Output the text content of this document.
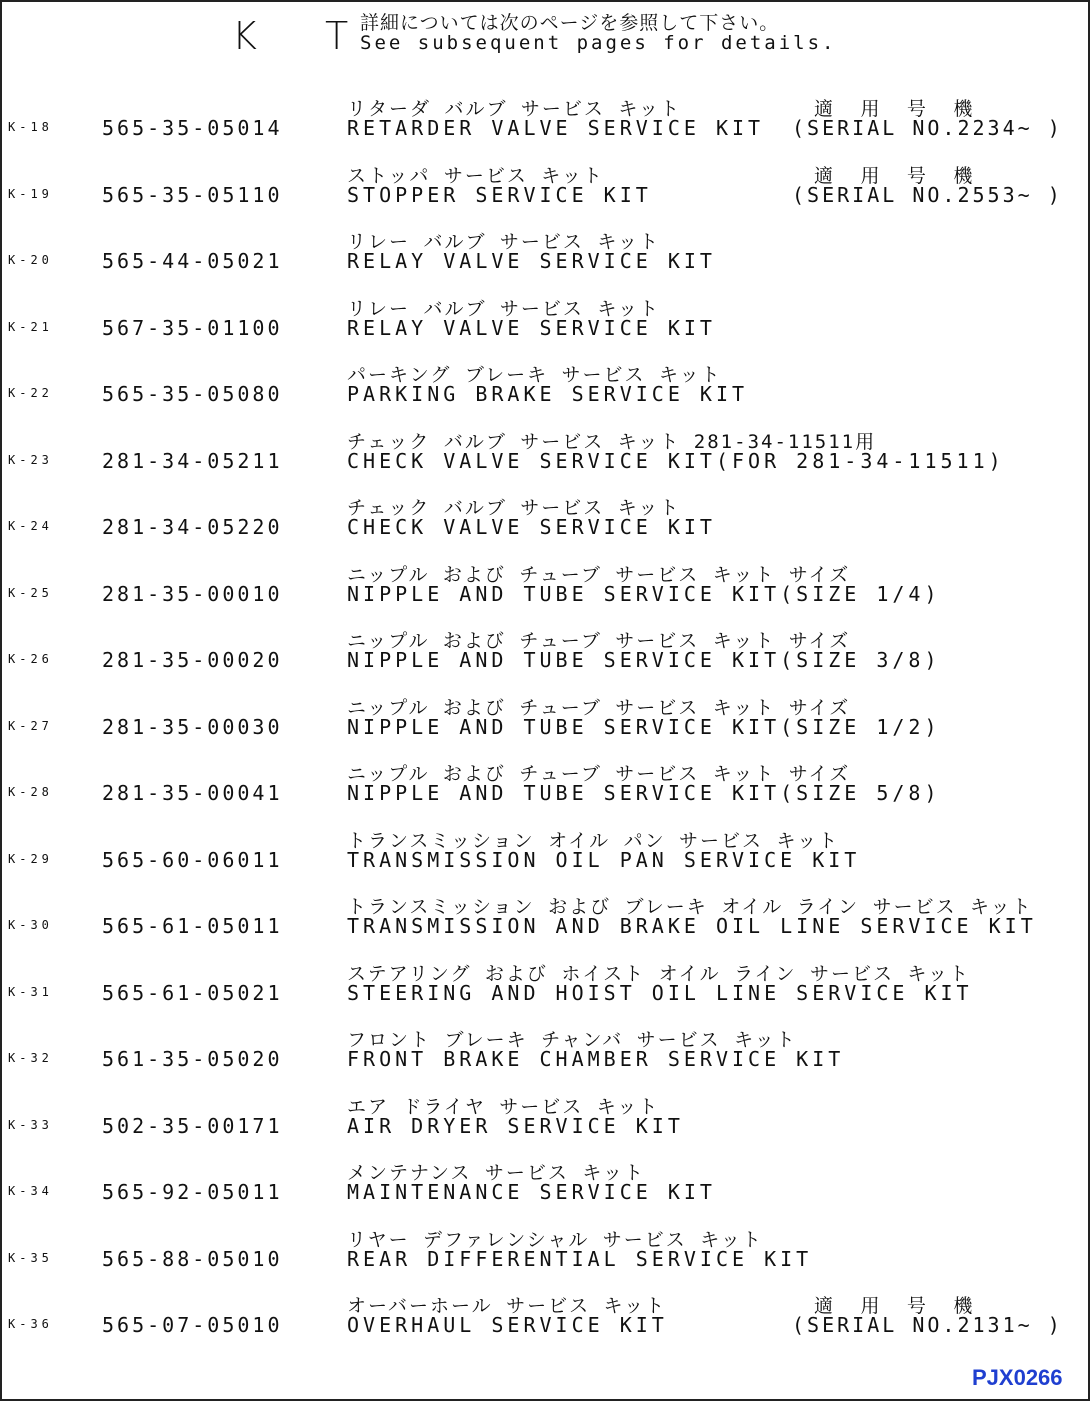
K T
詳細については次のページを参照して下さい。
See subsequent pages for details.
リターダ バルブ サービス キット
K-18 565-35-05014	RETARDER VALVE SERVICE KIT
適 用 号 機
(SERIAL NO.2234~ )
ストッパ サービス キット
K-19 565-35-05110	STOPPER SERVICE KIT
適 用 号 機
(SERIAL NO.2553~ )
リレー バルブ サービス キット
K-20 565-44-05021	RELAY VALVE SERVICE KIT
リレー バルブ サービス キット
K-21 567-35-01100	RELAY VALVE SERVICE KIT
パーキング ブレーキ サービス キット
K-22 565-35-05080	PARKING BRAKE SERVICE KIT
チェック バルブ サービス キット 281-34-11511用
K-23 281-34-05211	CHECK VALVE SERVICE KIT(FOR 281-34-11511)
チェック バルブ サービス キット
K-24 281-34-05220	CHECK VALVE SERVICE KIT
ニップル および チューブ サービス キット サイズ
K-25 281-35-00010	NIPPLE AND TUBE SERVICE KIT(SIZE 1/4)
ニップル および チューブ サービス キット サイズ
K-26 281-35-00020	NIPPLE AND TUBE SERVICE KIT(SIZE 3/8)
ニップル および チューブ サービス キット サイズ
K-27 281-35-00030	NIPPLE AND TUBE SERVICE KIT(SIZE 1/2)
ニップル および チューブ サービス キット サイズ
K-28 281-35-00041	NIPPLE AND TUBE SERVICE KIT(SIZE 5/8)
トランスミッション オイル パン サービス キット
K-29 565-60-06011	TRANSMISSION OIL PAN SERVICE KIT
トランスミッション および ブレーキ オイル ライン サービス キット
K-30 565-61-05011	TRANSMISSION AND BRAKE OIL LINE SERVICE KIT
ステアリング および ホイスト オイル ライン サービス キット
K-31 565-61-05021	STEERING AND HOIST OIL LINE SERVICE KIT
フロント ブレーキ チャンバ サービス キット
K-32 561-35-05020	FRONT BRAKE CHAMBER SERVICE KIT
エア ドライヤ サービス キット
K-33 502-35-00171	AIR DRYER SERVICE KIT
メンテナンス サービス キット
K-34 565-92-05011	MAINTENANCE SERVICE KIT
リヤー デファレンシャル サービス キット
K-35 565-88-05010	REAR DIFFERENTIAL SERVICE KIT
オーバーホール サービス キット
K-36 565-07-05010	OVERHAUL SERVICE KIT
適 用 号 機
(SERIAL NO.2131~ )
PJX0266
